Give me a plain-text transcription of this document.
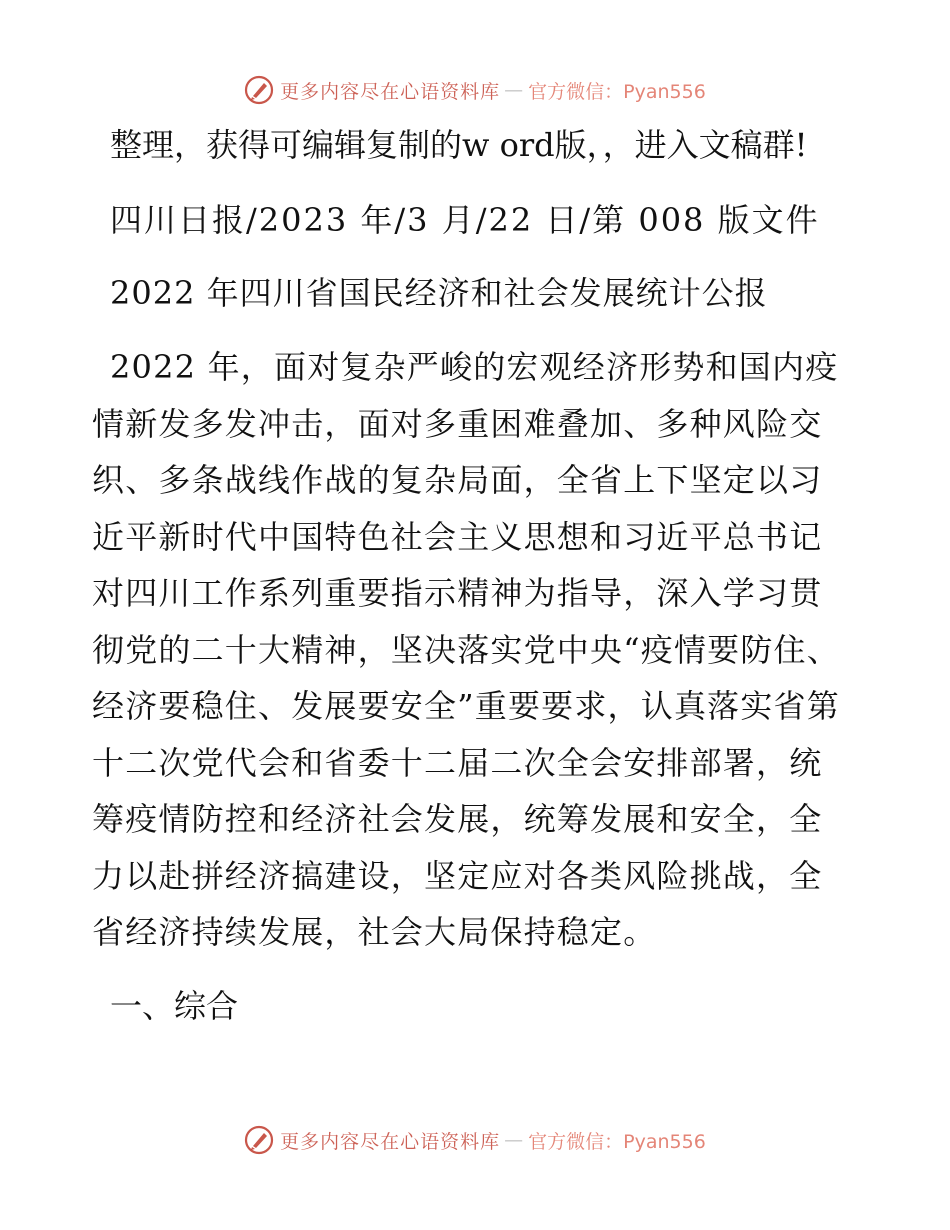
更多内容尽在心语资料库 — 官方微信：Pyan556

整理，获得可编辑复制的w ord版，，进入文稿群!

四川日报/2023 年/3 月/22 日/第 008 版文件

2022 年四川省国民经济和社会发展统计公报

2022 年，面对复杂严峻的宏观经济形势和国内疫情新发多发冲击，面对多重困难叠加、多种风险交织、多条战线作战的复杂局面，全省上下坚定以习近平新时代中国特色社会主义思想和习近平总书记对四川工作系列重要指示精神为指导，深入学习贯彻党的二十大精神，坚决落实党中央“疫情要防住、经济要稳住、发展要安全”重要要求，认真落实省第十二次党代会和省委十二届二次全会安排部署，统筹疫情防控和经济社会发展，统筹发展和安全，全力以赴拼经济搞建设，坚定应对各类风险挑战，全省经济持续发展，社会大局保持稳定。

一、综合

更多内容尽在心语资料库 — 官方微信：Pyan556
